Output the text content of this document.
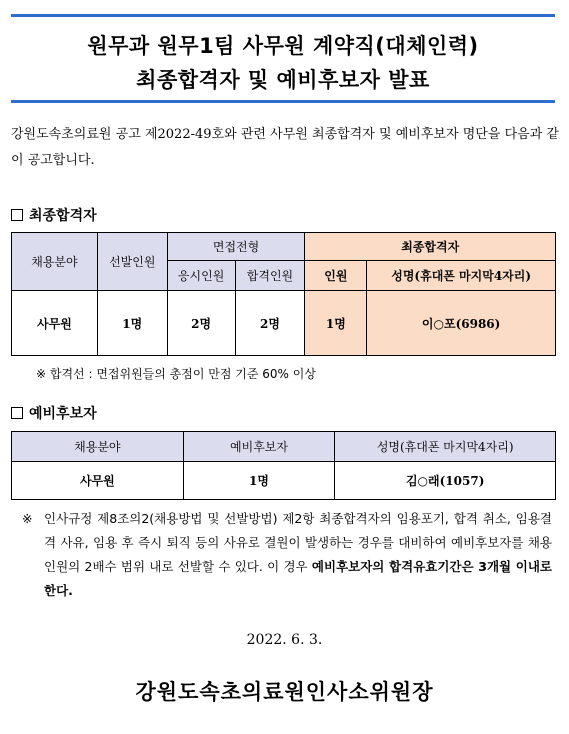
원무과 원무1팀 사무원 계약직(대체인력)
최종합격자 및 예비후보자 발표
강원도속초의료원 공고 제2022-49호와 관련 사무원 최종합격자 및 예비후보자 명단을 다음과 같이 공고합니다.
최종합격자
채용분야	선발인원	면접전형		최종합격자	
		응시인원	합격인원	인원	성명(휴대폰 마지막4자리)
사무원	1명	2명	2명	1명	이○포(6986)
※ 합격선 : 면접위원들의 총점이 만점 기준 60% 이상
예비후보자
채용분야	예비후보자	성명(휴대폰 마지막4자리)
사무원	1명	김○래(1057)
※ 인사규정 제8조의2(채용방법 및 선발방법) 제2항 최종합격자의 임용포기, 합격 취소, 임용결격 사유, 임용 후 즉시 퇴직 등의 사유로 결원이 발생하는 경우를 대비하여 예비후보자를 채용인원의 2배수 범위 내로 선발할 수 있다. 이 경우 예비후보자의 합격유효기간은 3개월 이내로 한다.
2022. 6. 3.
강원도속초의료원인사소위원장
